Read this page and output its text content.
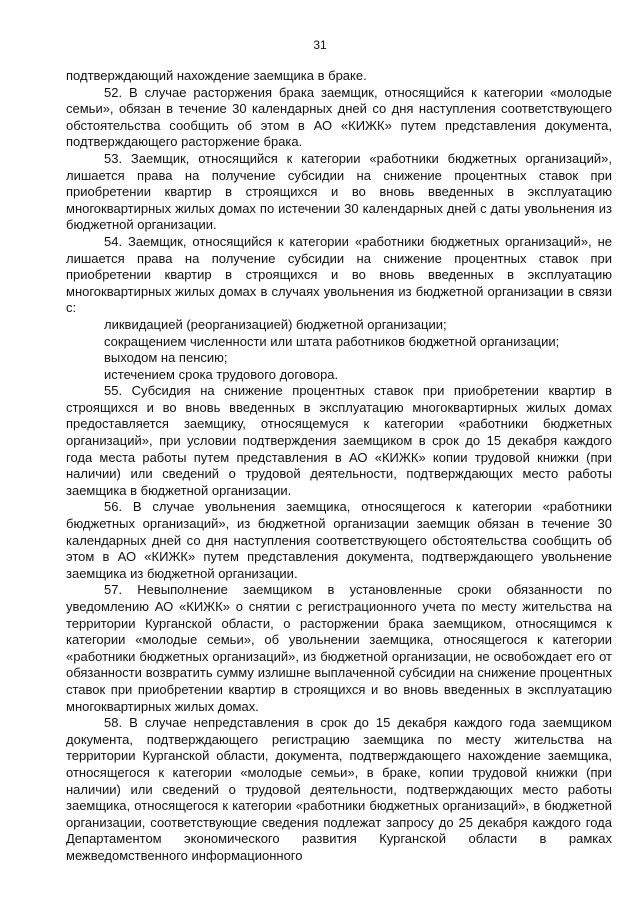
31

подтверждающий нахождение заемщика в браке.

52. В случае расторжения брака заемщик, относящийся к категории «молодые семьи», обязан в течение 30 календарных дней со дня наступления соответствующего обстоятельства сообщить об этом в АО «КИЖК» путем представления документа, подтверждающего расторжение брака.

53. Заемщик, относящийся к категории «работники бюджетных организаций», лишается права на получение субсидии на снижение процентных ставок при приобретении квартир в строящихся и во вновь введенных в эксплуатацию многоквартирных жилых домах по истечении 30 календарных дней с даты увольнения из бюджетной организации.

54. Заемщик, относящийся к категории «работники бюджетных организаций», не лишается права на получение субсидии на снижение процентных ставок при приобретении квартир в строящихся и во вновь введенных в эксплуатацию многоквартирных жилых домах в случаях увольнения из бюджетной организации в связи с:

ликвидацией (реорганизацией) бюджетной организации;

сокращением численности или штата работников бюджетной организации;

выходом на пенсию;

истечением срока трудового договора.

55. Субсидия на снижение процентных ставок при приобретении квартир в строящихся и во вновь введенных в эксплуатацию многоквартирных жилых домах предоставляется заемщику, относящемуся к категории «работники бюджетных организаций», при условии подтверждения заемщиком в срок до 15 декабря каждого года места работы путем представления в АО «КИЖК» копии трудовой книжки (при наличии) или сведений о трудовой деятельности, подтверждающих место работы заемщика в бюджетной организации.

56. В случае увольнения заемщика, относящегося к категории «работники бюджетных организаций», из бюджетной организации заемщик обязан в течение 30 календарных дней со дня наступления соответствующего обстоятельства сообщить об этом в АО «КИЖК» путем представления документа, подтверждающего увольнение заемщика из бюджетной организации.

57. Невыполнение заемщиком в установленные сроки обязанности по уведомлению АО «КИЖК» о снятии с регистрационного учета по месту жительства на территории Курганской области, о расторжении брака заемщиком, относящимся к категории «молодые семьи», об увольнении заемщика, относящегося к категории «работники бюджетных организаций», из бюджетной организации, не освобождает его от обязанности возвратить сумму излишне выплаченной субсидии на снижение процентных ставок при приобретении квартир в строящихся и во вновь введенных в эксплуатацию многоквартирных жилых домах.

58. В случае непредставления в срок до 15 декабря каждого года заемщиком документа, подтверждающего регистрацию заемщика по месту жительства на территории Курганской области, документа, подтверждающего нахождение заемщика, относящегося к категории «молодые семьи», в браке, копии трудовой книжки (при наличии) или сведений о трудовой деятельности, подтверждающих место работы заемщика, относящегося к категории «работники бюджетных организаций», в бюджетной организации, соответствующие сведения подлежат запросу до 25 декабря каждого года Департаментом экономического развития Курганской области в рамках межведомственного информационного
